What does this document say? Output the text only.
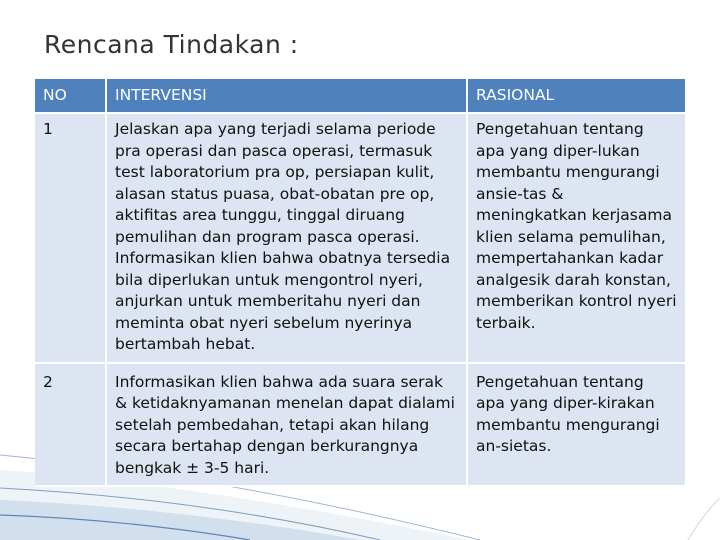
Rencana Tindakan :
NO	INTERVENSI	RASIONAL
1	Jelaskan apa yang terjadi selama periode pra operasi dan pasca operasi, termasuk test laboratorium pra op, persiapan kulit, alasan status puasa, obat-obatan pre op, aktifitas area tunggu, tinggal diruang pemulihan dan program pasca operasi. Informasikan klien bahwa obatnya tersedia bila diperlukan untuk mengontrol nyeri, anjurkan untuk memberitahu nyeri dan meminta obat nyeri sebelum nyerinya bertambah hebat.	Pengetahuan tentang apa yang diper-lukan membantu mengurangi ansie-tas & meningkatkan kerjasama klien selama pemulihan, mempertahankan kadar analgesik darah konstan, memberikan kontrol nyeri terbaik.
2	Informasikan klien bahwa ada suara serak & ketidaknyamanan menelan dapat dialami setelah pembedahan, tetapi akan hilang secara bertahap dengan berkurangnya bengkak ± 3-5 hari.	Pengetahuan tentang apa yang diper-kirakan membantu mengurangi an-sietas.
